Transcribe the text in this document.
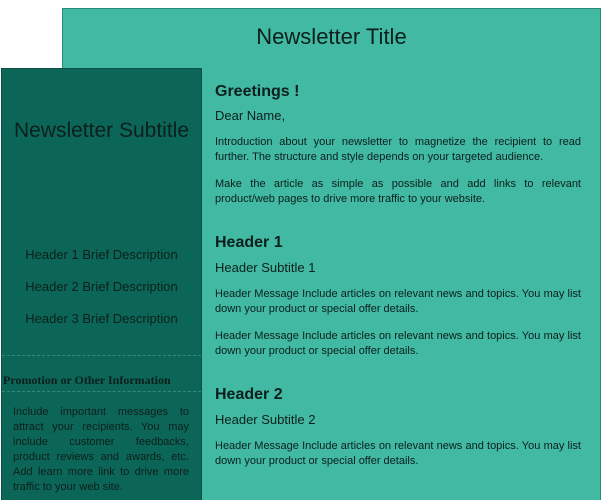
Newsletter Title
Newsletter Subtitle
Header 1 Brief Description
Header 2 Brief Description
Header 3 Brief Description

Promotion or Other Information

Include important messages to attract your recipients. You may include customer feedbacks, product reviews and awards, etc. Add learn more link to drive more traffic to your web site.

Greetings !

Dear Name,

Introduction about your newsletter to magnetize the recipient to read further. The structure and style depends on your targeted audience.

Make the article as simple as possible and add links to relevant product/web pages to drive more traffic to your website.

Header 1

Header Subtitle 1

Header Message Include articles on relevant news and topics. You may list down your product or special offer details.

Header Message Include articles on relevant news and topics. You may list down your product or special offer details.

Header 2

Header Subtitle 2

Header Message Include articles on relevant news and topics. You may list down your product or special offer details.
